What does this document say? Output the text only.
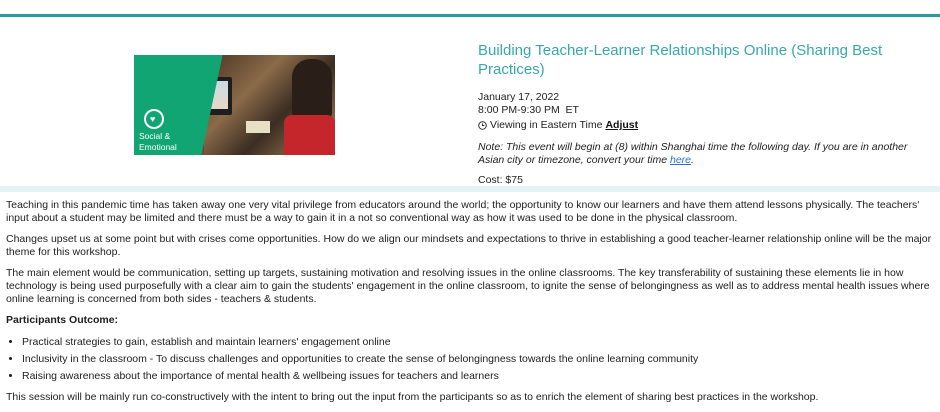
♥
Social &
Emotional
Building Teacher-Learner Relationships Online (Sharing Best Practices)
January 17, 2022
8:00 PM-9:30 PM  ET
Viewing in Eastern Time Adjust

Note: This event will begin at (8) within Shanghai time the following day. If you are in another Asian city or timezone, convert your time here.

Cost: $75

Teaching in this pandemic time has taken away one very vital privilege from educators around the world; the opportunity to know our learners and have them attend lessons physically. The teachers' input about a student may be limited and there must be a way to gain it in a not so conventional way as how it was used to be done in the physical classroom.

Changes upset us at some point but with crises come opportunities. How do we align our mindsets and expectations to thrive in establishing a good teacher-learner relationship online will be the major theme for this workshop.

The main element would be communication, setting up targets, sustaining motivation and resolving issues in the online classrooms. The key transferability of sustaining these elements lie in how technology is being used purposefully with a clear aim to gain the students' engagement in the online classroom, to ignite the sense of belongingness as well as to address mental health issues where online learning is concerned from both sides - teachers & students.

Participants Outcome:

• Practical strategies to gain, establish and maintain learners' engagement online
• Inclusivity in the classroom - To discuss challenges and opportunities to create the sense of belongingness towards the online learning community
• Raising awareness about the importance of mental health & wellbeing issues for teachers and learners

This session will be mainly run co-constructively with the intent to bring out the input from the participants so as to enrich the element of sharing best practices in the workshop.
